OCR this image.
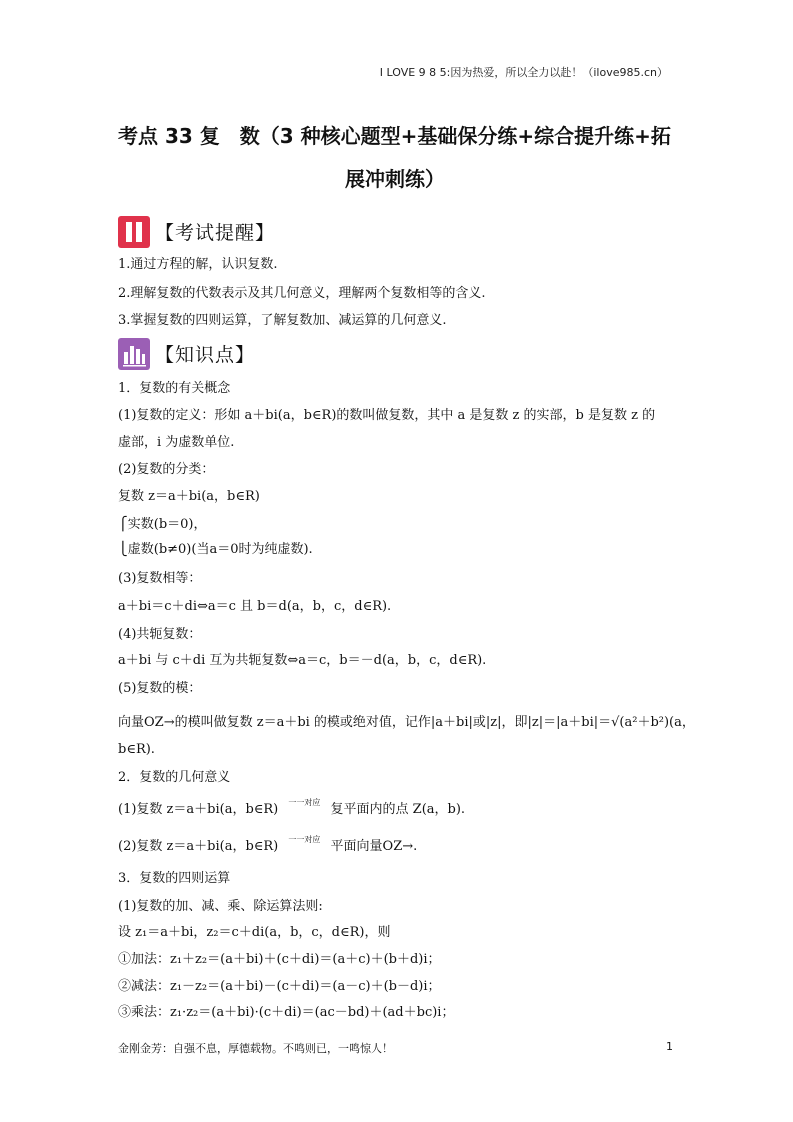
I LOVE 9 8 5:因为热爱，所以全力以赴！（ilove985.cn）
考点 33 复　数（3 种核心题型+基础保分练+综合提升练+拓
展冲刺练）
【考试提醒】
1.通过方程的解，认识复数.
2.理解复数的代数表示及其几何意义，理解两个复数相等的含义.
3.掌握复数的四则运算，了解复数加、减运算的几何意义.
【知识点】
1．复数的有关概念
(1)复数的定义：形如 a＋bi(a，b∈R)的数叫做复数，其中 a 是复数 z 的实部，b 是复数 z 的
虚部，i 为虚数单位.
(2)复数的分类：
复数 z＝a＋bi(a，b∈R)
⎧实数(b＝0)，
⎩虚数(b≠0)(当a＝0时为纯虚数).
(3)复数相等：
a＋bi＝c＋di⇔a＝c 且 b＝d(a，b，c，d∈R).
(4)共轭复数：
a＋bi 与 c＋di 互为共轭复数⇔a＝c，b＝－d(a，b，c，d∈R).
(5)复数的模：
向量OZ→的模叫做复数 z＝a＋bi 的模或绝对值，记作|a＋bi|或|z|，即|z|＝|a＋bi|＝√(a²＋b²)(a，
b∈R).
2．复数的几何意义
(1)复数 z＝a＋bi(a，b∈R) $^{一一对应}$ 复平面内的点 Z(a，b).
(2)复数 z＝a＋bi(a，b∈R) $^{一一对应}$ 平面向量OZ→.
3．复数的四则运算
(1)复数的加、减、乘、除运算法则:
设 z₁＝a＋bi，z₂＝c＋di(a，b，c，d∈R)，则
①加法：z₁＋z₂＝(a＋bi)＋(c＋di)＝(a＋c)＋(b＋d)i；
②减法：z₁－z₂＝(a＋bi)－(c＋di)＝(a－c)＋(b－d)i；
③乘法：z₁·z₂＝(a＋bi)·(c＋di)＝(ac－bd)＋(ad＋bc)i；
金刚金芳：自强不息，厚德载物。不鸣则已，一鸣惊人！	1
